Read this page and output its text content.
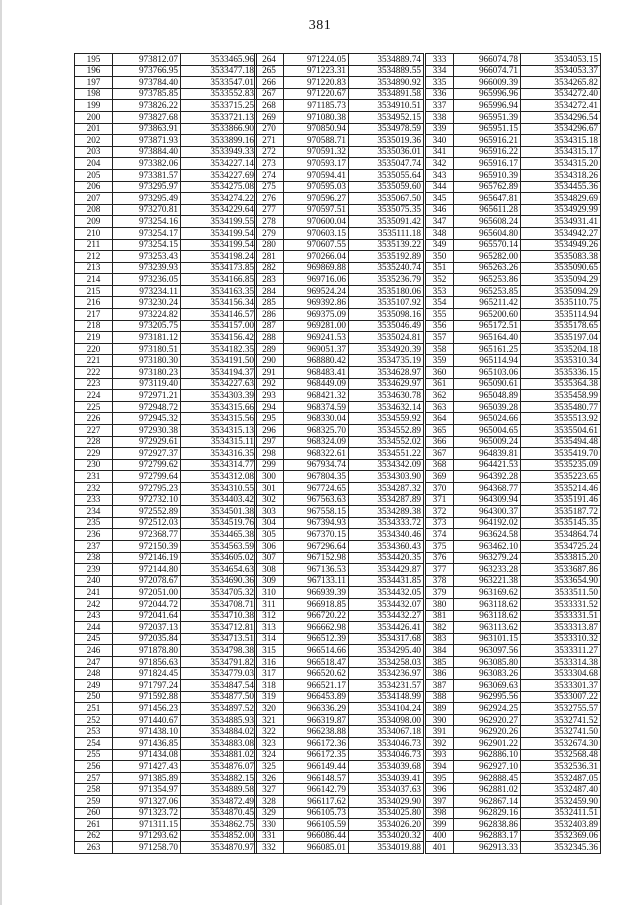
381
195	973812.07	3533465.96
196	973766.95	3533477.18
197	973784.40	3533547.01
198	973785.85	3533552.83
199	973826.22	3533715.25
200	973827.68	3533721.13
201	973863.91	3533866.90
202	973871.93	3533899.16
203	973884.40	3533949.33
204	973382.06	3534227.14
205	973381.57	3534227.69
206	973295.97	3534275.08
207	973295.49	3534274.22
208	973270.81	3534229.64
209	973254.16	3534199.55
210	973254.17	3534199.54
211	973254.15	3534199.54
212	973253.43	3534198.24
213	973239.93	3534173.85
214	973236.05	3534166.85
215	973234.11	3534163.35
216	973230.24	3534156.34
217	973224.82	3534146.57
218	973205.75	3534157.00
219	973181.12	3534156.42
220	973180.51	3534182.35
221	973180.30	3534191.50
222	973180.23	3534194.37
223	973119.40	3534227.63
224	972971.21	3534303.39
225	972948.72	3534315.66
226	972945.32	3534315.56
227	972930.38	3534315.13
228	972929.61	3534315.11
229	972927.37	3534316.35
230	972799.62	3534314.77
231	972799.64	3534312.08
232	972795.23	3534310.55
233	972732.10	3534403.42
234	972552.89	3534501.38
235	972512.03	3534519.76
236	972368.77	3534465.38
237	972150.39	3534563.59
238	972146.19	3534605.02
239	972144.80	3534654.63
240	972078.67	3534690.36
241	972051.00	3534705.32
242	972044.72	3534708.71
243	972041.64	3534710.38
244	972037.13	3534712.81
245	972035.84	3534713.51
246	971878.80	3534798.38
247	971856.63	3534791.82
248	971824.45	3534779.03
249	971797.24	3534847.54
250	971592.88	3534877.50
251	971456.23	3534897.52
252	971440.67	3534885.93
253	971438.10	3534884.02
254	971436.85	3534883.08
255	971434.08	3534881.02
256	971427.43	3534876.07
257	971385.89	3534882.15
258	971354.97	3534889.58
259	971327.06	3534872.49
260	971323.72	3534870.45
261	971311.15	3534862.75
262	971293.62	3534852.00
263	971258.70	3534870.97
264	971224.05	3534889.74
265	971223.31	3534889.55
266	971220.83	3534890.92
267	971220.67	3534891.58
268	971185.73	3534910.51
269	971080.38	3534952.15
270	970850.94	3534978.59
271	970588.71	3535019.36
272	970591.32	3535036.01
273	970593.17	3535047.74
274	970594.41	3535055.64
275	970595.03	3535059.60
276	970596.27	3535067.50
277	970597.51	3535075.35
278	970600.04	3535091.42
279	970603.15	3535111.18
280	970607.55	3535139.22
281	970266.04	3535192.89
282	969869.88	3535240.74
283	969716.06	3535236.79
284	969524.24	3535180.06
285	969392.86	3535107.92
286	969375.09	3535098.16
287	969281.00	3535046.49
288	969241.53	3535024.81
289	969051.37	3534920.39
290	968880.42	3534735.19
291	968483.41	3534628.97
292	968449.09	3534629.97
293	968421.32	3534630.78
294	968374.59	3534632.14
295	968330.04	3534559.92
296	968325.70	3534552.89
297	968324.09	3534552.02
298	968322.61	3534551.22
299	967934.74	3534342.09
300	967804.35	3534303.90
301	967724.65	3534287.32
302	967563.63	3534287.89
303	967558.15	3534289.38
304	967394.93	3534333.72
305	967370.15	3534340.46
306	967296.64	3534360.43
307	967152.98	3534420.35
308	967136.53	3534429.87
309	967133.11	3534431.85
310	966939.39	3534432.05
311	966918.85	3534432.07
312	966720.22	3534432.27
313	966662.98	3534426.41
314	966512.39	3534317.68
315	966514.66	3534295.40
316	966518.47	3534258.03
317	966520.62	3534236.97
318	966521.17	3534231.57
319	966453.89	3534148.99
320	966336.29	3534104.24
321	966319.87	3534098.00
322	966238.88	3534067.18
323	966172.36	3534046.73
324	966172.35	3534046.73
325	966149.44	3534039.68
326	966148.57	3534039.41
327	966142.79	3534037.63
328	966117.62	3534029.90
329	966105.73	3534025.80
330	966105.59	3534026.20
331	966086.44	3534020.32
332	966085.01	3534019.88
333	966074.78	3534053.15
334	966074.71	3534053.37
335	966009.39	3534265.82
336	965996.96	3534272.40
337	965996.94	3534272.41
338	965951.39	3534296.54
339	965951.15	3534296.67
340	965916.21	3534315.18
341	965916.22	3534315.17
342	965916.17	3534315.20
343	965910.39	3534318.26
344	965762.89	3534455.36
345	965647.81	3534829.69
346	965611.28	3534929.99
347	965608.24	3534931.41
348	965604.80	3534942.27
349	965570.14	3534949.26
350	965282.00	3535083.38
351	965263.26	3535090.65
352	965253.86	3535094.29
353	965253.85	3535094.29
354	965211.42	3535110.75
355	965200.60	3535114.94
356	965172.51	3535178.65
357	965164.40	3535197.04
358	965161.25	3535204.18
359	965114.94	3535310.34
360	965103.06	3535336.15
361	965090.61	3535364.38
362	965048.89	3535458.99
363	965039.28	3535480.77
364	965024.66	3535513.92
365	965004.65	3535504.61
366	965009.24	3535494.48
367	964839.81	3535419.70
368	964421.53	3535235.09
369	964392.28	3535223.65
370	964368.77	3535214.46
371	964309.94	3535191.46
372	964300.37	3535187.72
373	964192.02	3535145.35
374	963624.58	3534864.74
375	963462.10	3534725.24
376	963279.24	3533815.20
377	963233.28	3533687.86
378	963221.38	3533654.90
379	963169.62	3533511.50
380	963118.62	3533331.52
381	963118.62	3533331.51
382	963113.62	3533313.87
383	963101.15	3533310.32
384	963097.56	3533311.27
385	963085.80	3533314.38
386	963083.26	3533304.68
387	963069.63	3533301.37
388	962995.56	3533007.22
389	962924.25	3532755.57
390	962920.27	3532741.52
391	962920.26	3532741.50
392	962901.22	3532674.30
393	962886.10	3532568.48
394	962927.10	3532536.31
395	962888.45	3532487.05
396	962881.02	3532487.40
397	962867.14	3532459.90
398	962829.16	3532411.51
399	962838.86	3532403.89
400	962883.17	3532369.06
401	962913.33	3532345.36
